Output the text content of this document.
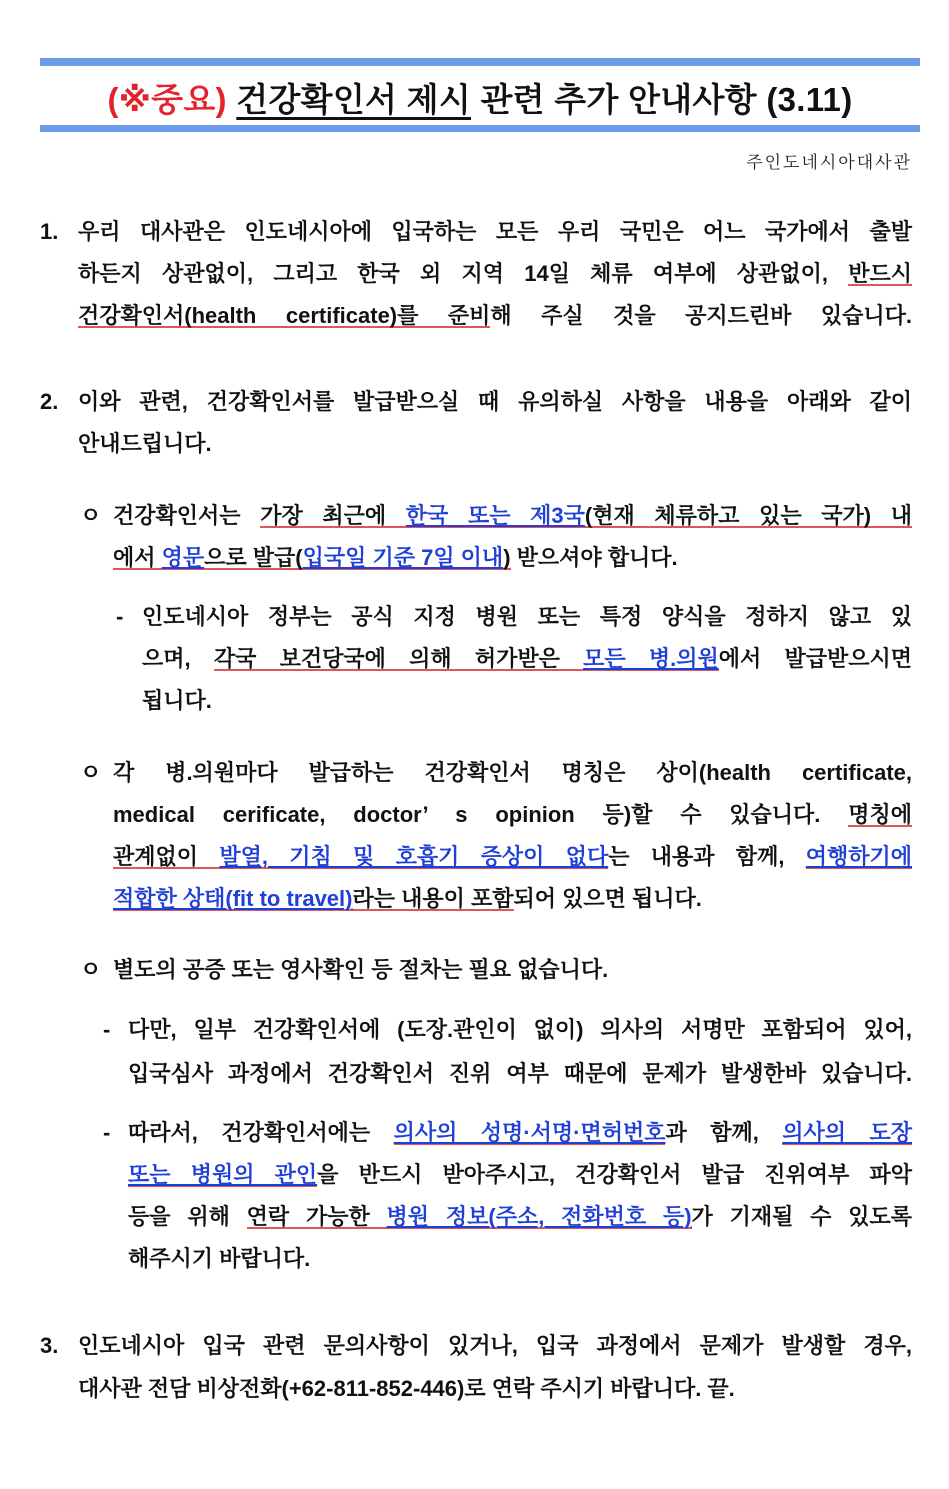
(※중요) 건강확인서 제시 관련 추가 안내사항 (3.11)
주인도네시아대사관
1. 우리 대사관은 인도네시아에 입국하는 모든 우리 국민은 어느 국가에서 출발
하든지 상관없이, 그리고 한국 외 지역 14일 체류 여부에 상관없이, 반드시
건강확인서(health certificate)를 준비해 주실 것을 공지드린바 있습니다.
2. 이와 관련, 건강확인서를 발급받으실 때 유의하실 사항을 내용을 아래와 같이
안내드립니다.
ㅇ 건강확인서는 가장 최근에 한국 또는 제3국(현재 체류하고 있는 국가) 내
에서 영문으로 발급(입국일 기준 7일 이내) 받으셔야 합니다.
- 인도네시아 정부는 공식 지정 병원 또는 특정 양식을 정하지 않고 있
으며, 각국 보건당국에 의해 허가받은 모든 병.의원에서 발급받으시면
됩니다.
ㅇ 각 병.의원마다 발급하는 건강확인서 명칭은 상이(health certificate,
medical cerificate, doctor’ s opinion 등)할 수 있습니다. 명칭에
관계없이 발열, 기침 및 호흡기 증상이 없다는 내용과 함께, 여행하기에
적합한 상태(fit to travel)라는 내용이 포함되어 있으면 됩니다.
ㅇ 별도의 공증 또는 영사확인 등 절차는 필요 없습니다.
- 다만, 일부 건강확인서에 (도장.관인이 없이) 의사의 서명만 포함되어 있어,
입국심사 과정에서 건강확인서 진위 여부 때문에 문제가 발생한바 있습니다.
- 따라서, 건강확인서에는 의사의 성명·서명·면허번호과 함께, 의사의 도장
또는 병원의 관인을 반드시 받아주시고, 건강확인서 발급 진위여부 파악
등을 위해 연락 가능한 병원 정보(주소, 전화번호 등)가 기재될 수 있도록
해주시기 바랍니다.
3. 인도네시아 입국 관련 문의사항이 있거나, 입국 과정에서 문제가 발생할 경우,
대사관 전담 비상전화(+62-811-852-446)로 연락 주시기 바랍니다. 끝.
